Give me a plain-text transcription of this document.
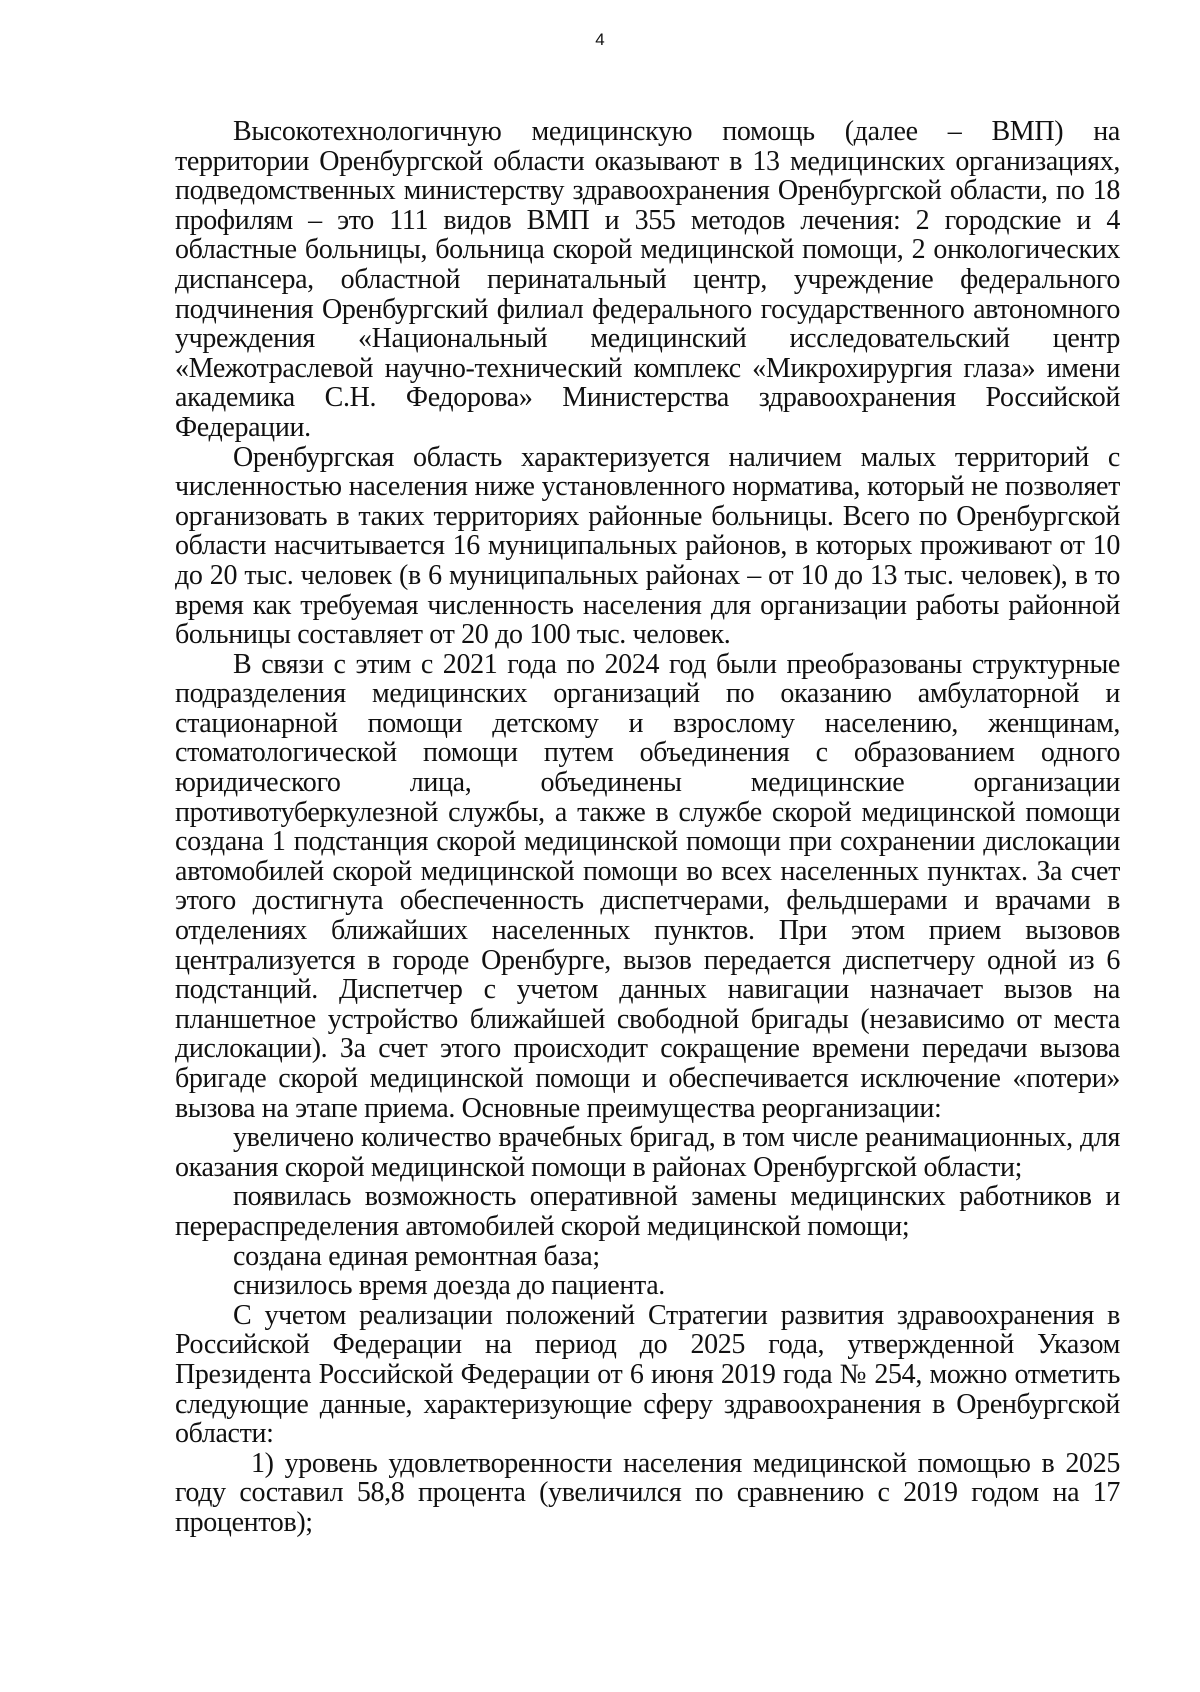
4

Высокотехнологичную медицинскую помощь (далее – ВМП) на территории Оренбургской области оказывают в 13 медицинских организациях, подведомственных министерству здравоохранения Оренбургской области, по 18 профилям – это 111 видов ВМП и 355 методов лечения: 2 городские и 4 областные больницы, больница скорой медицинской помощи, 2 онкологических диспансера, областной перинатальный центр, учреждение федерального подчинения Оренбургский филиал федерального государственного автономного учреждения «Национальный медицинский исследовательский центр «Межотраслевой научно-технический комплекс «Микрохирургия глаза» имени академика С.Н. Федорова» Министерства здравоохранения Российской Федерации.

Оренбургская область характеризуется наличием малых территорий с численностью населения ниже установленного норматива, который не позволяет организовать в таких территориях районные больницы. Всего по Оренбургской области насчитывается 16 муниципальных районов, в которых проживают от 10 до 20 тыс. человек (в 6 муниципальных районах – от 10 до 13 тыс. человек), в то время как требуемая численность населения для организации работы районной больницы составляет от 20 до 100 тыс. человек.

В связи с этим с 2021 года по 2024 год были преобразованы структурные подразделения медицинских организаций по оказанию амбулаторной и стационарной помощи детскому и взрослому населению, женщинам, стоматологической помощи путем объединения с образованием одного юридического лица, объединены медицинские организации противотуберкулезной службы, а также в службе скорой медицинской помощи создана 1 подстанция скорой медицинской помощи при сохранении дислокации автомобилей скорой медицинской помощи во всех населенных пунктах. За счет этого достигнута обеспеченность диспетчерами, фельдшерами и врачами в отделениях ближайших населенных пунктов. При этом прием вызовов централизуется в городе Оренбурге, вызов передается диспетчеру одной из 6 подстанций. Диспетчер с учетом данных навигации назначает вызов на планшетное устройство ближайшей свободной бригады (независимо от места дислокации). За счет этого происходит сокращение времени передачи вызова бригаде скорой медицинской помощи и обеспечивается исключение «потери» вызова на этапе приема. Основные преимущества реорганизации:

увеличено количество врачебных бригад, в том числе реанимационных, для оказания скорой медицинской помощи в районах Оренбургской области;

появилась возможность оперативной замены медицинских работников и перераспределения автомобилей скорой медицинской помощи;

создана единая ремонтная база;

снизилось время доезда до пациента.

С учетом реализации положений Стратегии развития здравоохранения в Российской Федерации на период до 2025 года, утвержденной Указом Президента Российской Федерации от 6 июня 2019 года № 254, можно отметить следующие данные, характеризующие сферу здравоохранения в Оренбургской области:

1) уровень удовлетворенности населения медицинской помощью в 2025 году составил 58,8 процента (увеличился по сравнению с 2019 годом на 17 процентов);
